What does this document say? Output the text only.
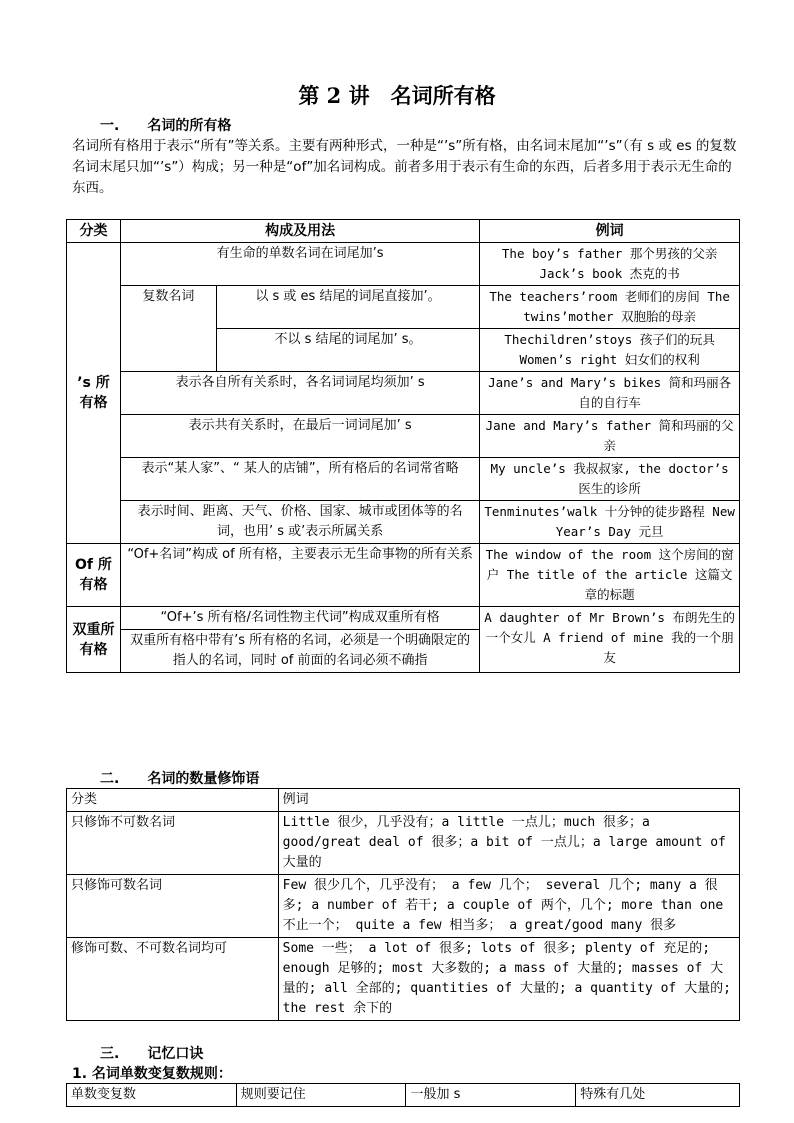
第 2 讲　名词所有格
一.　　名词的所有格
名词所有格用于表示“所有”等关系。主要有两种形式，一种是“’s”所有格，由名词末尾加“’s”（有 s 或 es 的复数名词末尾只加“’s”）构成；另一种是“of”加名词构成。前者多用于表示有生命的东西，后者多用于表示无生命的东西。
分类	构成及用法		例词
’s 所有格	有生命的单数名词在词尾加’s		The boy’s father 那个男孩的父亲 Jack’s book 杰克的书
	复数名词	以 s 或 es 结尾的词尾直接加’。	The teachers’room 老师们的房间 The twins’mother 双胞胎的母亲
		不以 s 结尾的词尾加’ s。	Thechildren’stoys 孩子们的玩具 Women’s right 妇女们的权利
	表示各自所有关系时，各名词词尾均须加’ s		Jane’s and Mary’s bikes 简和玛丽各自的自行车
	表示共有关系时，在最后一词词尾加’ s		Jane and Mary’s father 简和玛丽的父亲
	表示“某人家”、“ 某人的店铺”，所有格后的名词常省略		My uncle’s 我叔叔家, the doctor’s 医生的诊所
	表示时间、距离、天气、价格、国家、城市或团体等的名词，也用’ s 或’表示所属关系		Tenminutes’walk 十分钟的徒步路程 New Year’s Day 元旦
Of 所有格	“Of+名词”构成 of 所有格，主要表示无生命事物的所有关系		The window of the room 这个房间的窗户 The title of the article 这篇文章的标题
双重所有格	“Of+’s 所有格/名词性物主代词”构成双重所有格		A daughter of Mr Brown’s 布朗先生的一个女儿 A friend of mine 我的一个朋友
	双重所有格中带有’s 所有格的名词，必须是一个明确限定的指人的名词，同时 of 前面的名词必须不确指		
二.　　名词的数量修饰语
分类	例词
只修饰不可数名词	Little 很少，几乎没有；a little 一点儿；much 很多；a good/great deal of 很多；a bit of 一点儿；a large amount of 大量的
只修饰可数名词	Few 很少几个，几乎没有； a few 几个； several 几个; many a 很多; a number of 若干; a couple of 两个，几个; more than one 不止一个； quite a few 相当多； a great/good many 很多
修饰可数、不可数名词均可	Some 一些； a lot of 很多; lots of 很多; plenty of 充足的; enough 足够的; most 大多数的; a mass of 大量的; masses of 大量的; all 全部的; quantities of 大量的; a quantity of 大量的; the rest 余下的
三.　　记忆口诀
1. 名词单数变复数规则：
单数变复数	规则要记住	一般加 s	特殊有几处
